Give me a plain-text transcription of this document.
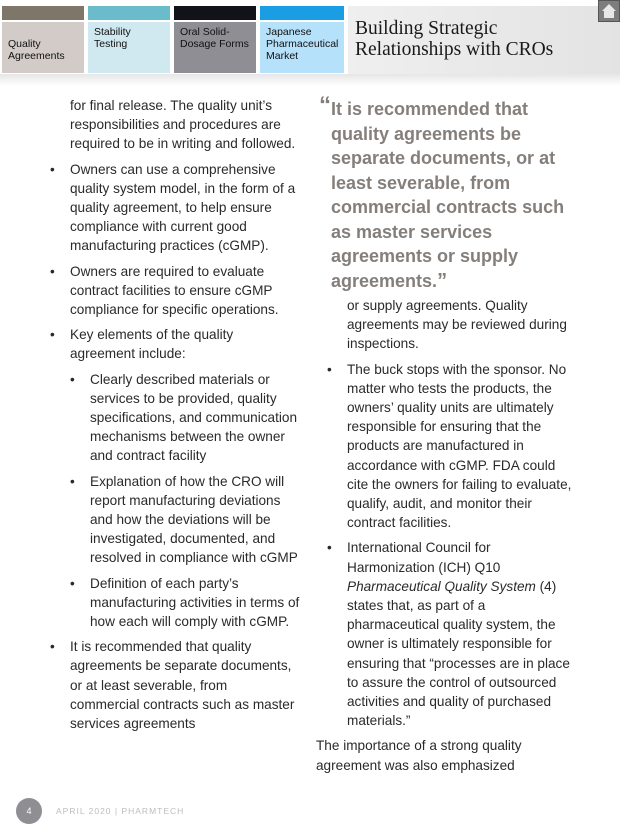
Quality Agreements
Stability Testing
Oral Solid-Dosage Forms
Japanese Pharmaceutical Market
Building Strategic Relationships with CROs

for final release. The quality unit’s responsibilities and procedures are required to be in writing and followed.

• Owners can use a comprehensive quality system model, in the form of a quality agreement, to help ensure compliance with current good manufacturing practices (cGMP).
• Owners are required to evaluate contract facilities to ensure cGMP compliance for specific operations.
• Key elements of the quality agreement include:
• Clearly described materials or services to be provided, quality specifications, and communication mechanisms between the owner and contract facility
• Explanation of how the CRO will report manufacturing deviations and how the deviations will be investigated, documented, and resolved in compliance with cGMP
• Definition of each party’s manufacturing activities in terms of how each will comply with cGMP.
• It is recommended that quality agreements be separate documents, or at least severable, from commercial contracts such as master services agreements
“ It is recommended that quality agreements be separate documents, or at least severable, from commercial contracts such as master services agreements or supply agreements.”

or supply agreements. Quality agreements may be reviewed during inspections.

• The buck stops with the sponsor. No matter who tests the products, the owners’ quality units are ultimately responsible for ensuring that the products are manufactured in accordance with cGMP. FDA could cite the owners for failing to evaluate, qualify, audit, and monitor their contract facilities.
• International Council for Harmonization (ICH) Q10 Pharmaceutical Quality System (4) states that, as part of a pharmaceutical quality system, the owner is ultimately responsible for ensuring that “processes are in place to assure the control of outsourced activities and quality of purchased materials.”

The importance of a strong quality agreement was also emphasized

4	APRIL 2020 | PHARMTECH
